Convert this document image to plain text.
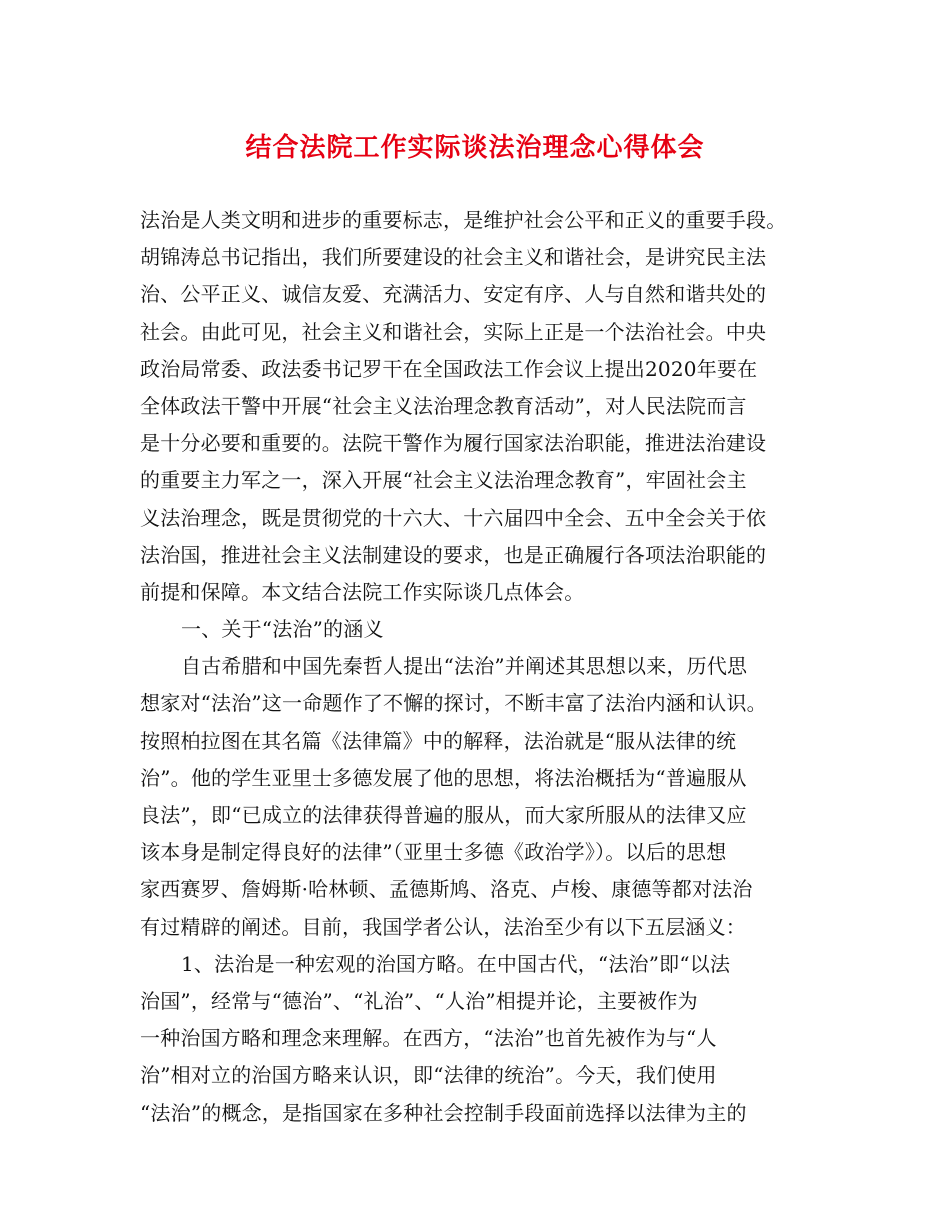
结合法院工作实际谈法治理念心得体会
法治是人类文明和进步的重要标志，是维护社会公平和正义的重要手段。
胡锦涛总书记指出，我们所要建设的社会主义和谐社会，是讲究民主法
治、公平正义、诚信友爱、充满活力、安定有序、人与自然和谐共处的
社会。由此可见，社会主义和谐社会，实际上正是一个法治社会。中央
政治局常委、政法委书记罗干在全国政法工作会议上提出2020年要在
全体政法干警中开展“社会主义法治理念教育活动”，对人民法院而言
是十分必要和重要的。法院干警作为履行国家法治职能，推进法治建设
的重要主力军之一，深入开展“社会主义法治理念教育”，牢固社会主
义法治理念，既是贯彻党的十六大、十六届四中全会、五中全会关于依
法治国，推进社会主义法制建设的要求，也是正确履行各项法治职能的
前提和保障。本文结合法院工作实际谈几点体会。
一、关于“法治”的涵义
自古希腊和中国先秦哲人提出“法治”并阐述其思想以来，历代思
想家对“法治”这一命题作了不懈的探讨，不断丰富了法治内涵和认识。
按照柏拉图在其名篇《法律篇》中的解释，法治就是“服从法律的统
治”。他的学生亚里士多德发展了他的思想，将法治概括为“普遍服从
良法”，即“已成立的法律获得普遍的服从，而大家所服从的法律又应
该本身是制定得良好的法律”（亚里士多德《政治学》）。以后的思想
家西赛罗、詹姆斯·哈林顿、孟德斯鸠、洛克、卢梭、康德等都对法治
有过精辟的阐述。目前，我国学者公认，法治至少有以下五层涵义：
1、法治是一种宏观的治国方略。在中国古代，“法治”即“以法
治国”，经常与“德治”、“礼治”、“人治”相提并论，主要被作为
一种治国方略和理念来理解。在西方，“法治”也首先被作为与“人
治”相对立的治国方略来认识，即“法律的统治”。今天，我们使用
“法治”的概念，是指国家在多种社会控制手段面前选择以法律为主的
